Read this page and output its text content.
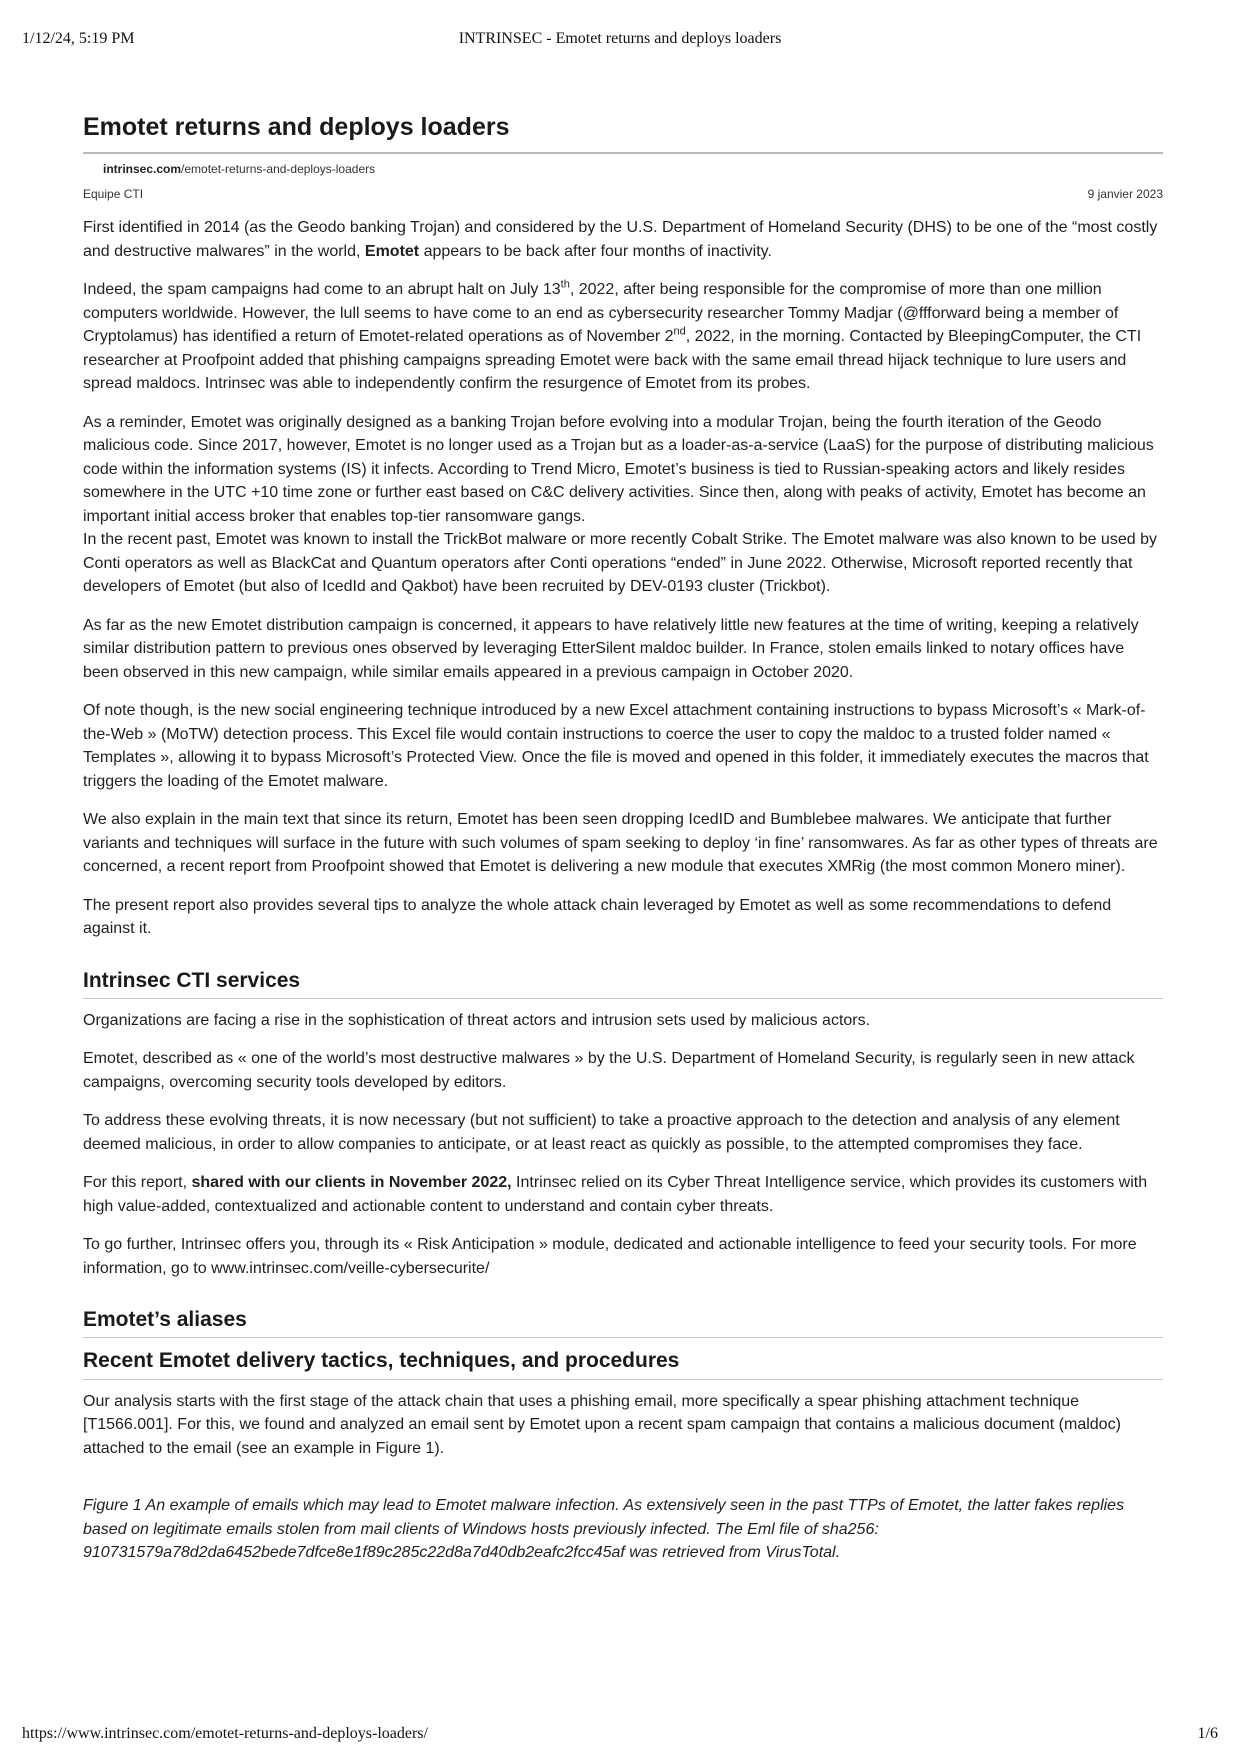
INTRINSEC - Emotet returns and deploys loaders
1/12/24, 5:19 PM
Emotet returns and deploys loaders
intrinsec.com/emotet-returns-and-deploys-loaders
Equipe CTI	9 janvier 2023

First identified in 2014 (as the Geodo banking Trojan) and considered by the U.S. Department of Homeland Security (DHS) to be one of the “most costly and destructive malwares” in the world, Emotet appears to be back after four months of inactivity.

Indeed, the spam campaigns had come to an abrupt halt on July 13th, 2022, after being responsible for the compromise of more than one million computers worldwide. However, the lull seems to have come to an end as cybersecurity researcher Tommy Madjar (@ffforward being a member of Cryptolamus) has identified a return of Emotet-related operations as of November 2nd, 2022, in the morning. Contacted by BleepingComputer, the CTI researcher at Proofpoint added that phishing campaigns spreading Emotet were back with the same email thread hijack technique to lure users and spread maldocs. Intrinsec was able to independently confirm the resurgence of Emotet from its probes.

As a reminder, Emotet was originally designed as a banking Trojan before evolving into a modular Trojan, being the fourth iteration of the Geodo malicious code. Since 2017, however, Emotet is no longer used as a Trojan but as a loader-as-a-service (LaaS) for the purpose of distributing malicious code within the information systems (IS) it infects. According to Trend Micro, Emotet’s business is tied to Russian-speaking actors and likely resides somewhere in the UTC +10 time zone or further east based on C&C delivery activities. Since then, along with peaks of activity, Emotet has become an important initial access broker that enables top-tier ransomware gangs.

In the recent past, Emotet was known to install the TrickBot malware or more recently Cobalt Strike. The Emotet malware was also known to be used by Conti operators as well as BlackCat and Quantum operators after Conti operations “ended” in June 2022. Otherwise, Microsoft reported recently that developers of Emotet (but also of IcedId and Qakbot) have been recruited by DEV-0193 cluster (Trickbot).

As far as the new Emotet distribution campaign is concerned, it appears to have relatively little new features at the time of writing, keeping a relatively similar distribution pattern to previous ones observed by leveraging EtterSilent maldoc builder. In France, stolen emails linked to notary offices have been observed in this new campaign, while similar emails appeared in a previous campaign in October 2020.

Of note though, is the new social engineering technique introduced by a new Excel attachment containing instructions to bypass Microsoft’s « Mark-of-the-Web » (MoTW) detection process. This Excel file would contain instructions to coerce the user to copy the maldoc to a trusted folder named « Templates », allowing it to bypass Microsoft’s Protected View. Once the file is moved and opened in this folder, it immediately executes the macros that triggers the loading of the Emotet malware.

We also explain in the main text that since its return, Emotet has been seen dropping IcedID and Bumblebee malwares. We anticipate that further variants and techniques will surface in the future with such volumes of spam seeking to deploy ‘in fine’ ransomwares. As far as other types of threats are concerned, a recent report from Proofpoint showed that Emotet is delivering a new module that executes XMRig (the most common Monero miner).

The present report also provides several tips to analyze the whole attack chain leveraged by Emotet as well as some recommendations to defend against it.

Intrinsec CTI services

Organizations are facing a rise in the sophistication of threat actors and intrusion sets used by malicious actors.

Emotet, described as « one of the world’s most destructive malwares » by the U.S. Department of Homeland Security, is regularly seen in new attack campaigns, overcoming security tools developed by editors.

To address these evolving threats, it is now necessary (but not sufficient) to take a proactive approach to the detection and analysis of any element deemed malicious, in order to allow companies to anticipate, or at least react as quickly as possible, to the attempted compromises they face.

For this report, shared with our clients in November 2022, Intrinsec relied on its Cyber Threat Intelligence service, which provides its customers with high value-added, contextualized and actionable content to understand and contain cyber threats.

To go further, Intrinsec offers you, through its « Risk Anticipation » module, dedicated and actionable intelligence to feed your security tools. For more information, go to www.intrinsec.com/veille-cybersecurite/

Emotet’s aliases
Recent Emotet delivery tactics, techniques, and procedures

Our analysis starts with the first stage of the attack chain that uses a phishing email, more specifically a spear phishing attachment technique [T1566.001]. For this, we found and analyzed an email sent by Emotet upon a recent spam campaign that contains a malicious document (maldoc) attached to the email (see an example in Figure 1).

Figure 1 An example of emails which may lead to Emotet malware infection. As extensively seen in the past TTPs of Emotet, the latter fakes replies based on legitimate emails stolen from mail clients of Windows hosts previously infected. The Eml file of sha256: 910731579a78d2da6452bede7dfce8e1f89c285c22d8a7d40db2eafc2fcc45af was retrieved from VirusTotal.

https://www.intrinsec.com/emotet-returns-and-deploys-loaders/	1/6
